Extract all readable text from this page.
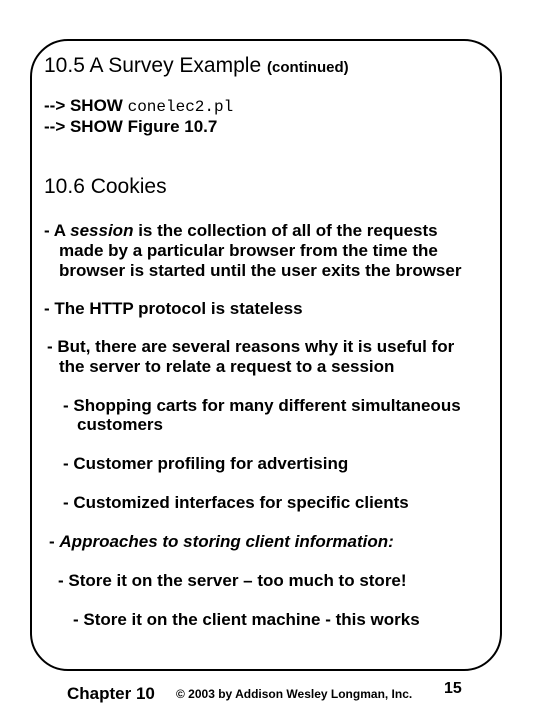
10.5 A Survey Example (continued)
--> SHOW conelec2.pl
--> SHOW Figure 10.7
10.6 Cookies
- A session is the collection of all of the requests
made by a particular browser from the time the
browser is started until the user exits the browser
- The HTTP protocol is stateless
- But, there are several reasons why it is useful for
the server to relate a request to a session
- Shopping carts for many different simultaneous
customers
- Customer profiling for advertising
- Customized interfaces for specific clients
- Approaches to storing client information:
- Store it on the server – too much to store!
- Store it on the client machine - this works
Chapter 10 © 2003 by Addison Wesley Longman, Inc. 15
